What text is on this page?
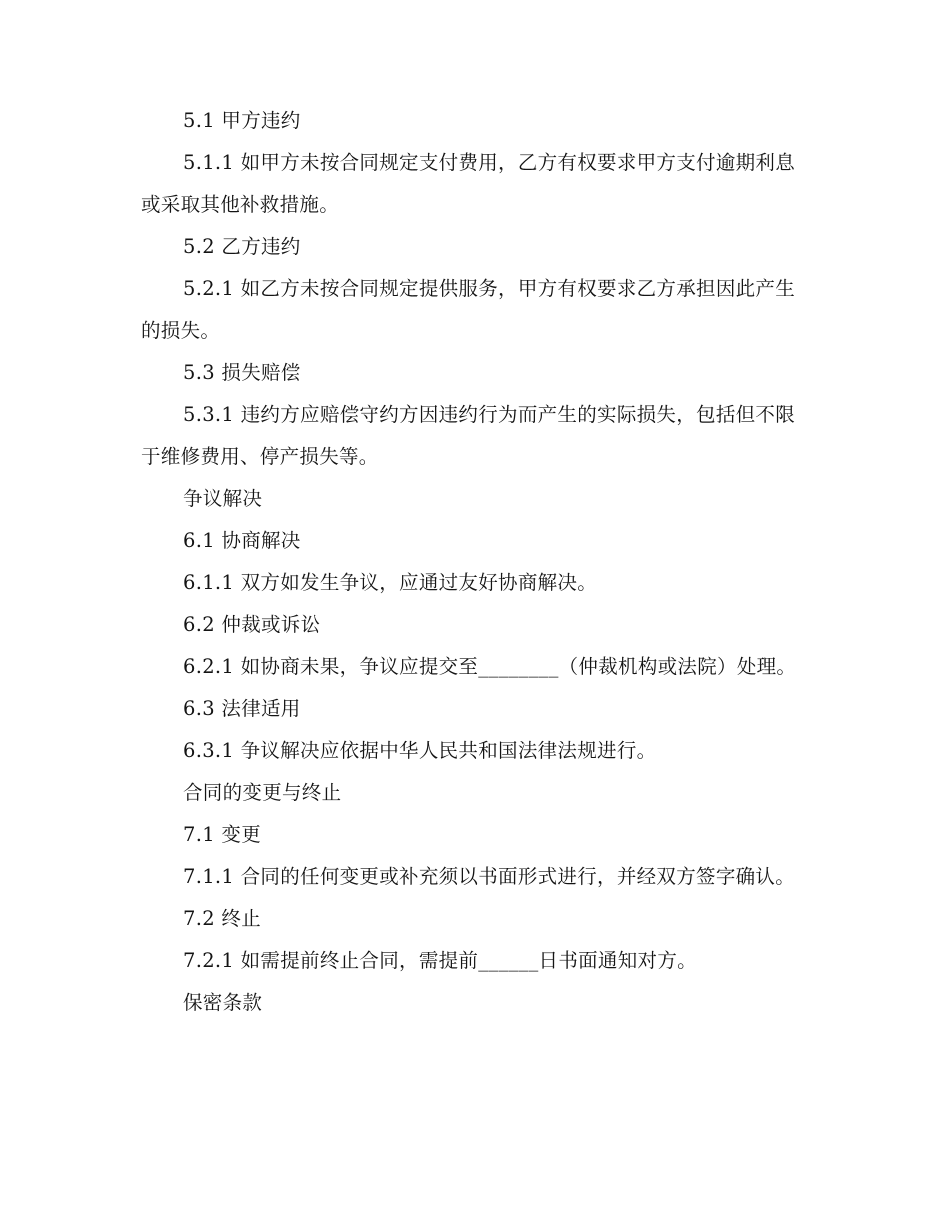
5.1 甲方违约

5.1.1 如甲方未按合同规定支付费用，乙方有权要求甲方支付逾期利息或采取其他补救措施。

5.2 乙方违约

5.2.1 如乙方未按合同规定提供服务，甲方有权要求乙方承担因此产生的损失。

5.3 损失赔偿

5.3.1 违约方应赔偿守约方因违约行为而产生的实际损失，包括但不限于维修费用、停产损失等。

争议解决

6.1 协商解决

6.1.1 双方如发生争议，应通过友好协商解决。

6.2 仲裁或诉讼

6.2.1 如协商未果，争议应提交至________（仲裁机构或法院）处理。

6.3 法律适用

6.3.1 争议解决应依据中华人民共和国法律法规进行。

合同的变更与终止

7.1 变更

7.1.1 合同的任何变更或补充须以书面形式进行，并经双方签字确认。

7.2 终止

7.2.1 如需提前终止合同，需提前______日书面通知对方。

保密条款
